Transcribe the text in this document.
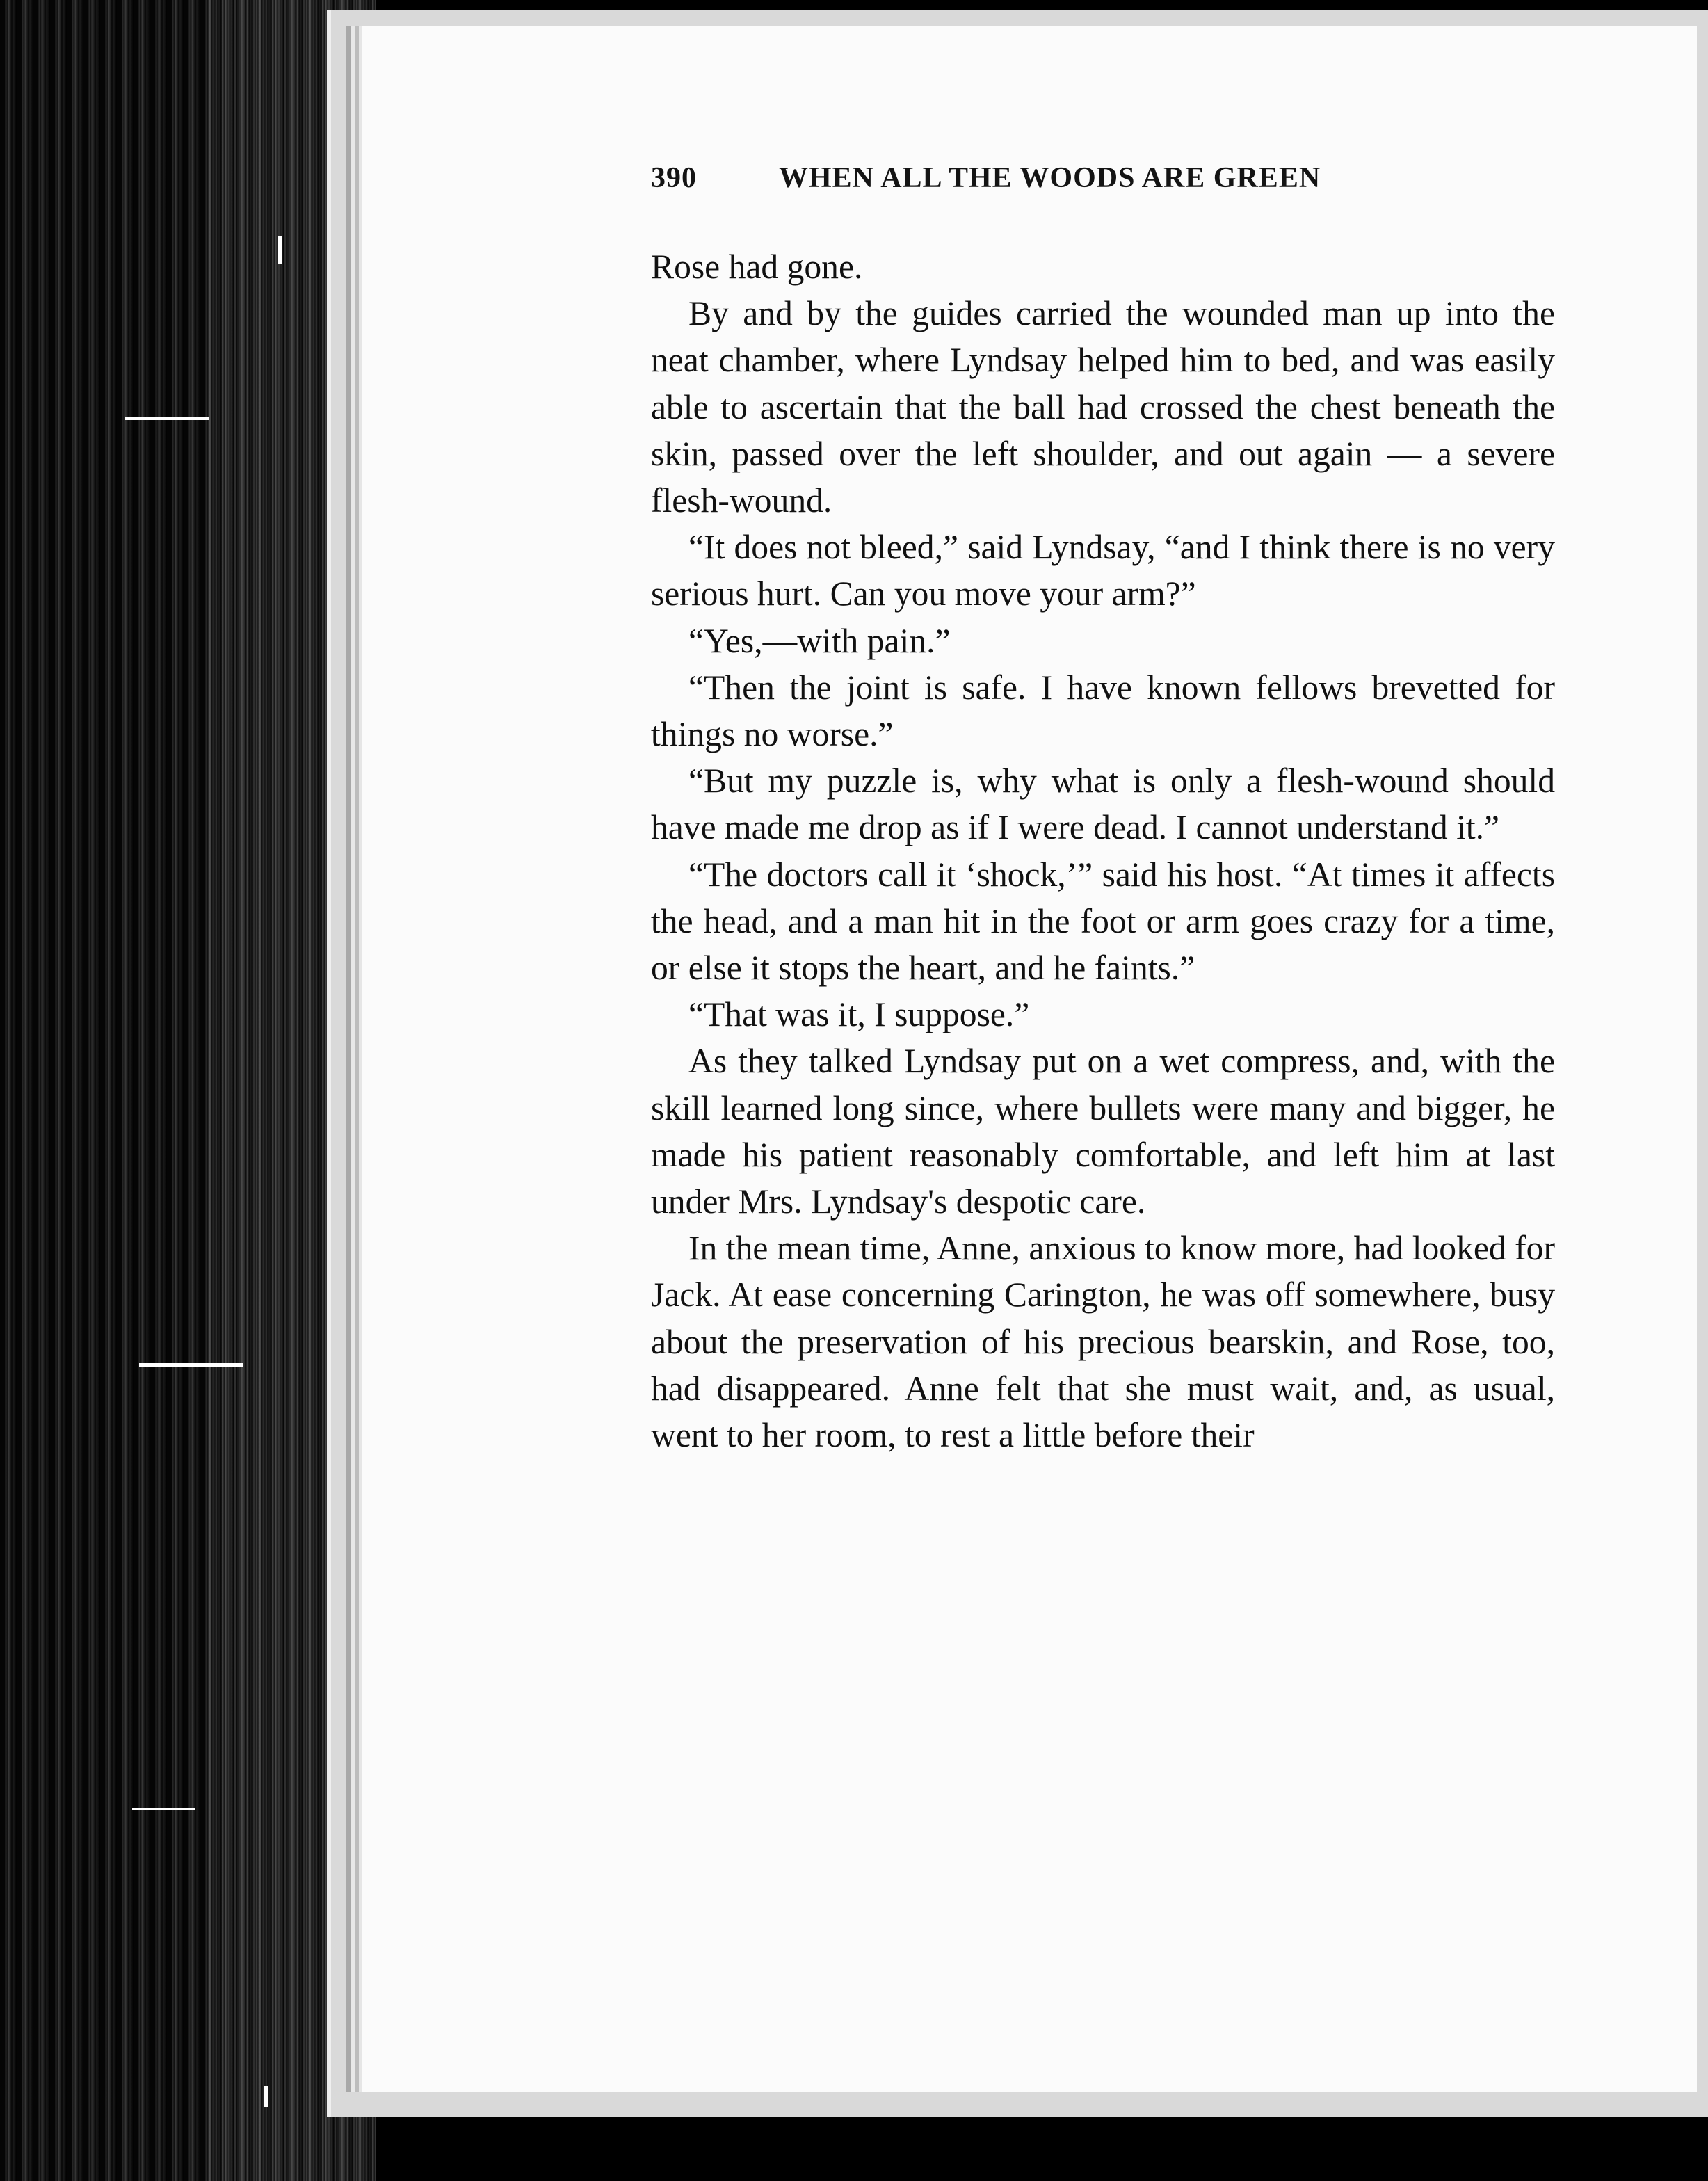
390	WHEN ALL THE WOODS ARE GREEN

Rose had gone.

By and by the guides carried the wounded man up into the neat chamber, where Lyndsay helped him to bed, and was easily able to ascertain that the ball had crossed the chest beneath the skin, passed over the left shoulder, and out again — a severe flesh-wound.

“It does not bleed,” said Lyndsay, “and I think there is no very serious hurt. Can you move your arm?”

“Yes,—with pain.”

“Then the joint is safe. I have known fellows brevetted for things no worse.”

“But my puzzle is, why what is only a flesh-wound should have made me drop as if I were dead. I cannot understand it.”

“The doctors call it ‘shock,’” said his host. “At times it affects the head, and a man hit in the foot or arm goes crazy for a time, or else it stops the heart, and he faints.”

“That was it, I suppose.”

As they talked Lyndsay put on a wet compress, and, with the skill learned long since, where bullets were many and bigger, he made his patient reasonably comfortable, and left him at last under Mrs. Lyndsay's despotic care.

In the mean time, Anne, anxious to know more, had looked for Jack. At ease concerning Carington, he was off somewhere, busy about the preservation of his precious bearskin, and Rose, too, had disappeared. Anne felt that she must wait, and, as usual, went to her room, to rest a little before their
